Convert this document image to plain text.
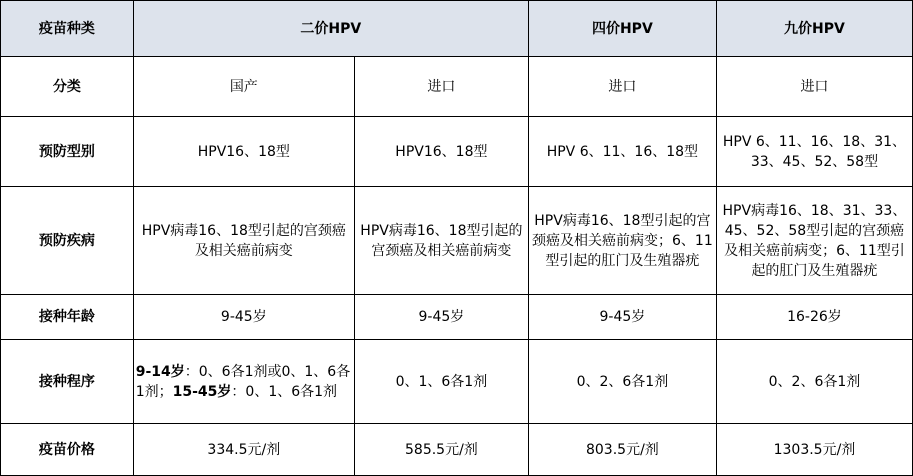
疫苗种类	二价HPV		四价HPV	九价HPV
分类	国产	进口	进口	进口
预防型别	HPV16、18型	HPV16、18型	HPV 6、11、16、18型	HPV 6、11、16、18、31、33、45、52、58型
预防疾病	HPV病毒16、18型引起的宫颈癌及相关癌前病变	HPV病毒16、18型引起的宫颈癌及相关癌前病变	HPV病毒16、18型引起的宫颈癌及相关癌前病变；6、11型引起的肛门及生殖器疣	HPV病毒16、18、31、33、45、52、58型引起的宫颈癌及相关癌前病变；6、11型引起的肛门及生殖器疣
接种年龄	9-45岁	9-45岁	9-45岁	16-26岁
接种程序	9-14岁：0、6各1剂或0、1、6各1剂；15-45岁：0、1、6各1剂	0、1、6各1剂	0、2、6各1剂	0、2、6各1剂
疫苗价格	334.5元/剂	585.5元/剂	803.5元/剂	1303.5元/剂
